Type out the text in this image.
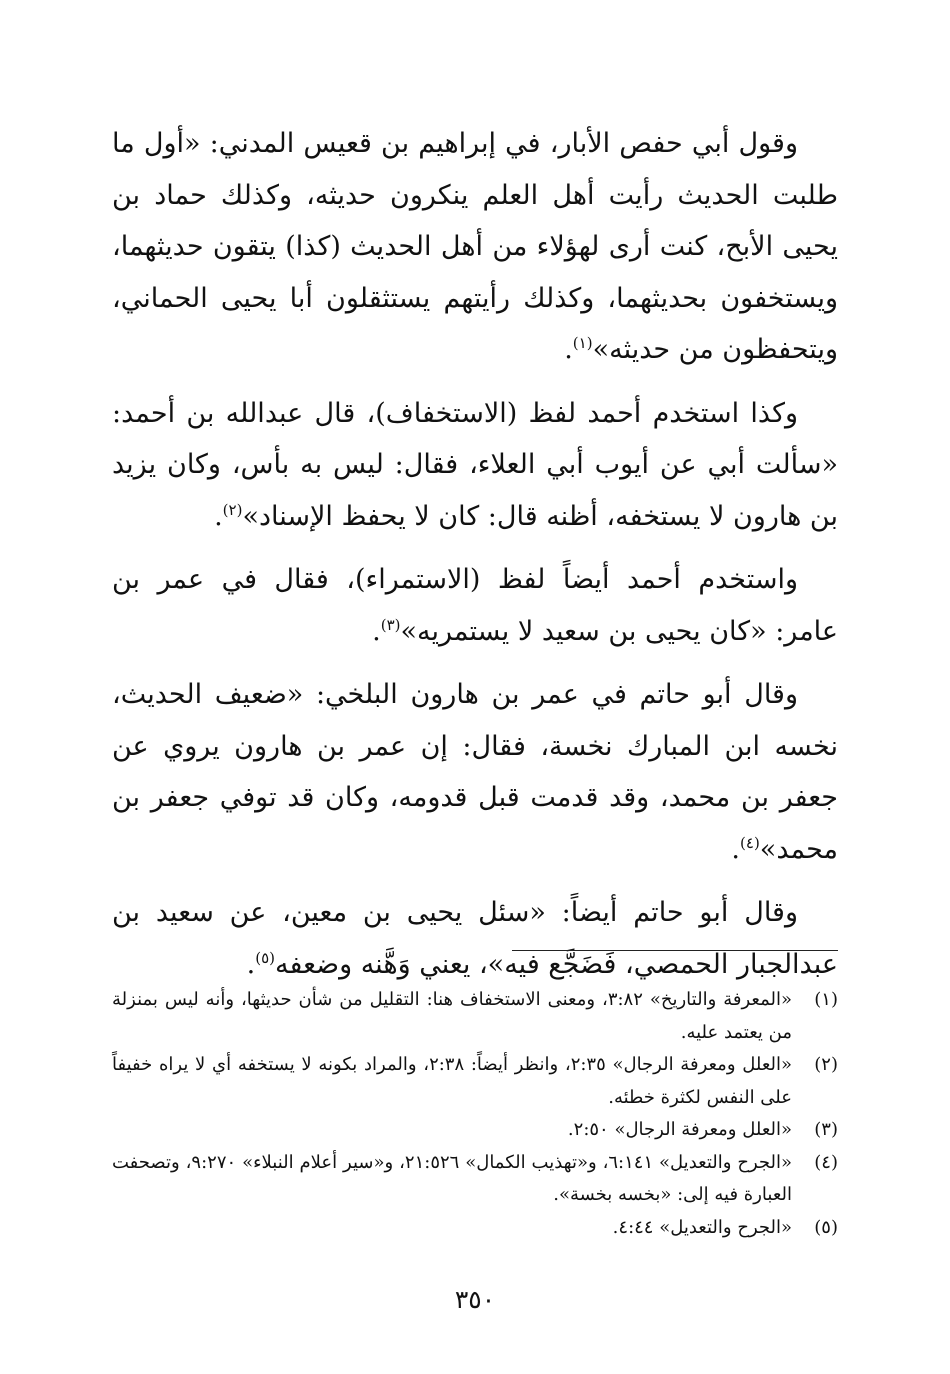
وقول أبي حفص الأبار، في إبراهيم بن قعيس المدني: «أول ما طلبت الحديث رأيت أهل العلم ينكرون حديثه، وكذلك حماد بن يحيى الأبح، كنت أرى لهؤلاء من أهل الحديث (كذا) يتقون حديثهما، ويستخفون بحديثهما، وكذلك رأيتهم يستثقلون أبا يحيى الحماني، ويتحفظون من حديثه»$^{(١)}$.

وكذا استخدم أحمد لفظ (الاستخفاف)، قال عبدالله بن أحمد: «سألت أبي عن أيوب أبي العلاء، فقال: ليس به بأس، وكان يزيد بن هارون لا يستخفه، أظنه قال: كان لا يحفظ الإسناد»$^{(٢)}$.

واستخدم أحمد أيضاً لفظ (الاستمراء)، فقال في عمر بن عامر: «كان يحيى بن سعيد لا يستمريه»$^{(٣)}$.

وقال أبو حاتم في عمر بن هارون البلخي: «ضعيف الحديث، نخسه ابن المبارك نخسة، فقال: إن عمر بن هارون يروي عن جعفر بن محمد، وقد قدمت قبل قدومه، وكان قد توفي جعفر بن محمد»$^{(٤)}$.

وقال أبو حاتم أيضاً: «سئل يحيى بن معين، عن سعيد بن عبدالجبار الحمصي، فَضَجَّع فيه»، يعني وَهَّنه وضعفه$^{(٥)}$.

(١)
«المعرفة والتاريخ» ٣:٨٢، ومعنى الاستخفاف هنا: التقليل من شأن حديثها، وأنه ليس بمنزلة من يعتمد عليه.
(٢)
«العلل ومعرفة الرجال» ٢:٣٥، وانظر أيضاً: ٢:٣٨، والمراد بكونه لا يستخفه أي لا يراه خفيفاً على النفس لكثرة خطئه.
(٣)
«العلل ومعرفة الرجال» ٢:٥٠.
(٤)
«الجرح والتعديل» ٦:١٤١، و«تهذيب الكمال» ٢١:٥٢٦، و«سير أعلام النبلاء» ٩:٢٧٠، وتصحفت العبارة فيه إلى: «بخسه بخسة».
(٥)
«الجرح والتعديل» ٤:٤٤.
٣٥٠
